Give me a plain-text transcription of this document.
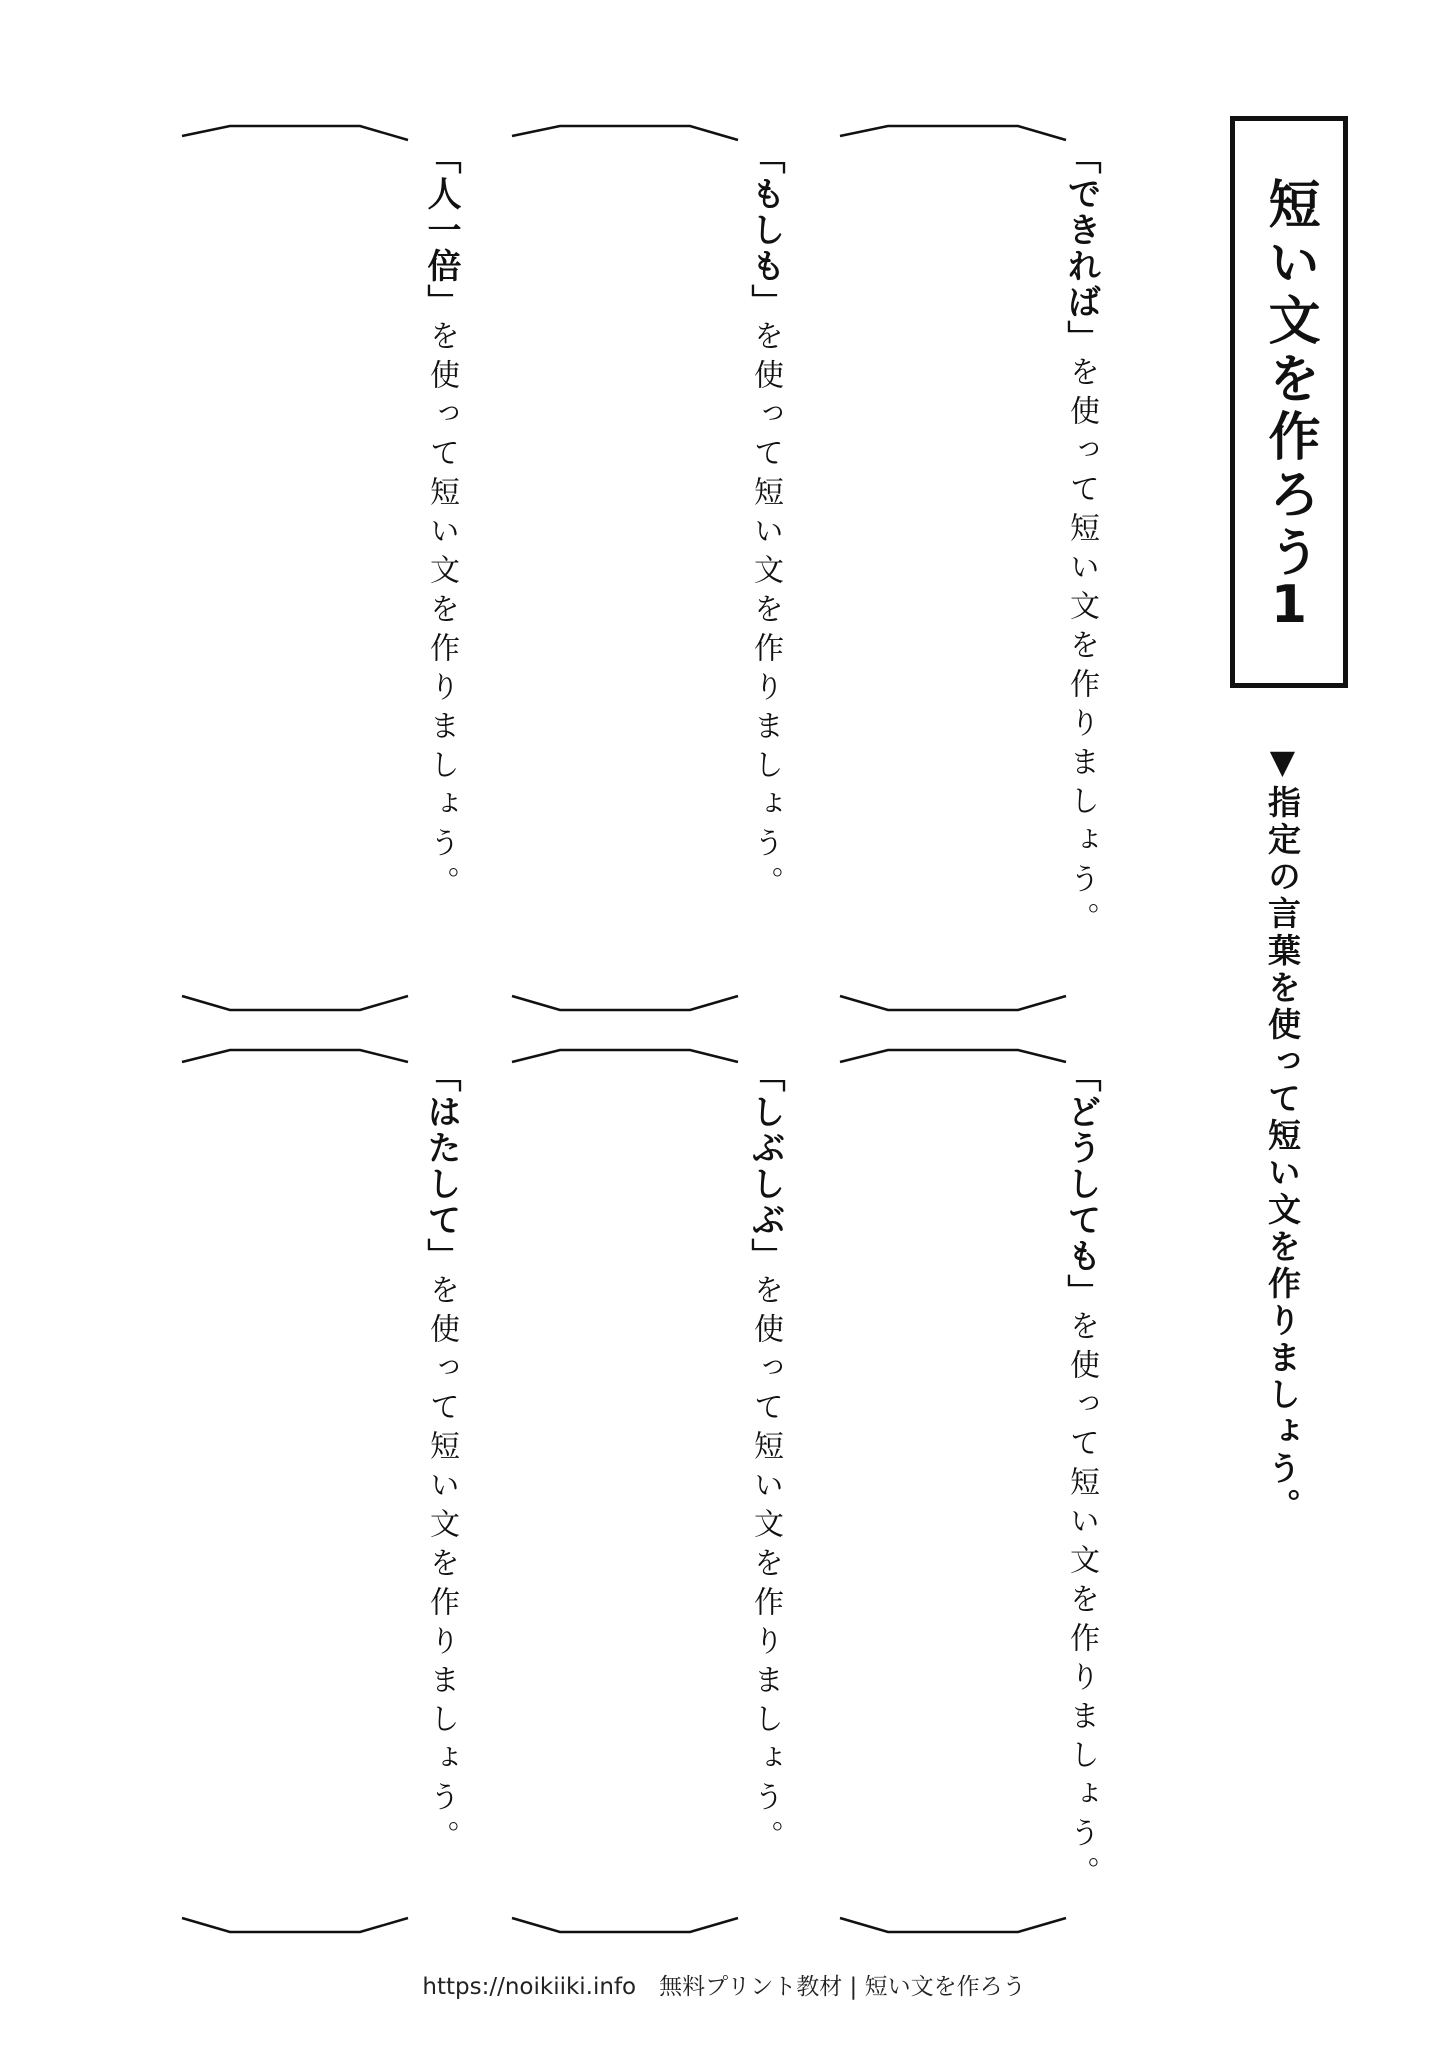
短い文を作ろう
1
▼指定の言葉を使って短い文を作りましょう。
「できれば」を使って短い文を作りましょう。
「もしも」を使って短い文を作りましょう。
「人一倍」を使って短い文を作りましょう。
「どうしても」を使って短い文を作りましょう。
「しぶしぶ」を使って短い文を作りましょう。
「はたして」を使って短い文を作りましょう。
https://noikiiki.info　無料プリント教材 | 短い文を作ろう
